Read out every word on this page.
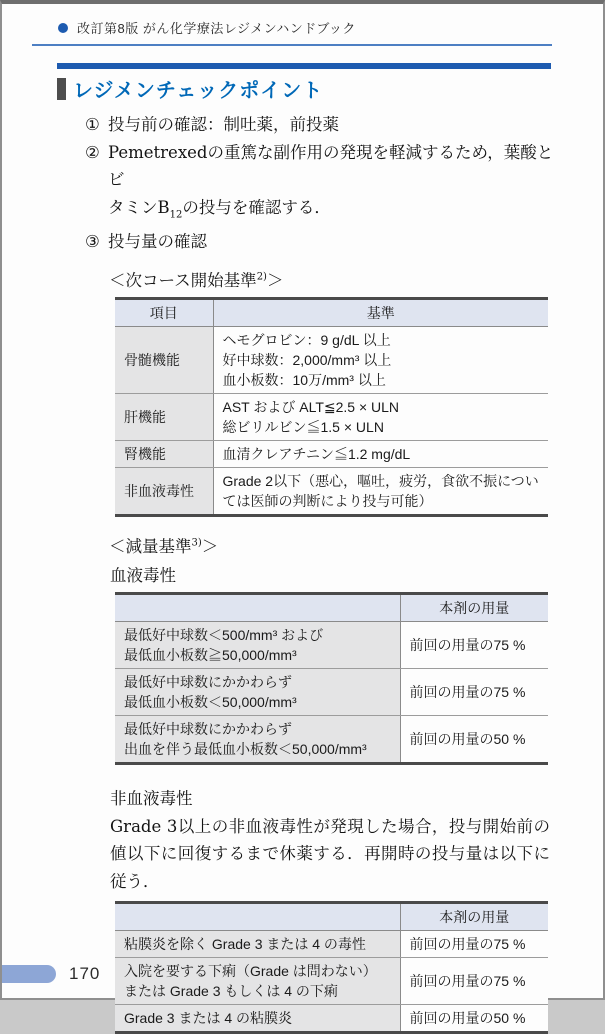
改訂第8版 がん化学療法レジメンハンドブック
レジメンチェックポイント
① 投与前の確認：制吐薬，前投薬
② Pemetrexedの重篤な副作用の発現を軽減するため，葉酸とビ
タミン$B_{12}$の投与を確認する．
③ 投与量の確認
＜次コース開始基準$^{2)}$＞
項目	基準
骨髄機能	ヘモグロビン：9 g/dL 以上
好中球数：2,000/mm³ 以上
血小板数：10万/mm³ 以上

肝機能	AST および ALT≦2.5 × ULN
総ビリルビン≦1.5 × ULN

腎機能	血清クレアチニン≦1.2 mg/dL
非血液毒性	Grade 2以下（悪心，嘔吐，疲労，食欲不振については医師の判断により投与可能）
＜減量基準$^{3)}$＞
血液毒性
	本剤の用量

最低好中球数＜500/mm³ および
最低血小板数≧50,000/mm³	前回の用量の75 %

最低好中球数にかかわらず
最低血小板数＜50,000/mm³	前回の用量の75 %

最低好中球数にかかわらず
出血を伴う最低血小板数＜50,000/mm³	前回の用量の50 %
非血液毒性
Grade 3以上の非血液毒性が発現した場合，投与開始前の値以下に回復するまで休薬する．再開時の投与量は以下に従う．
	本剤の用量
粘膜炎を除く Grade 3 または 4 の毒性	前回の用量の75 %

入院を要する下痢（Grade は問わない）
または Grade 3 もしくは 4 の下痢	前回の用量の75 %
Grade 3 または 4 の粘膜炎	前回の用量の50 %
170
